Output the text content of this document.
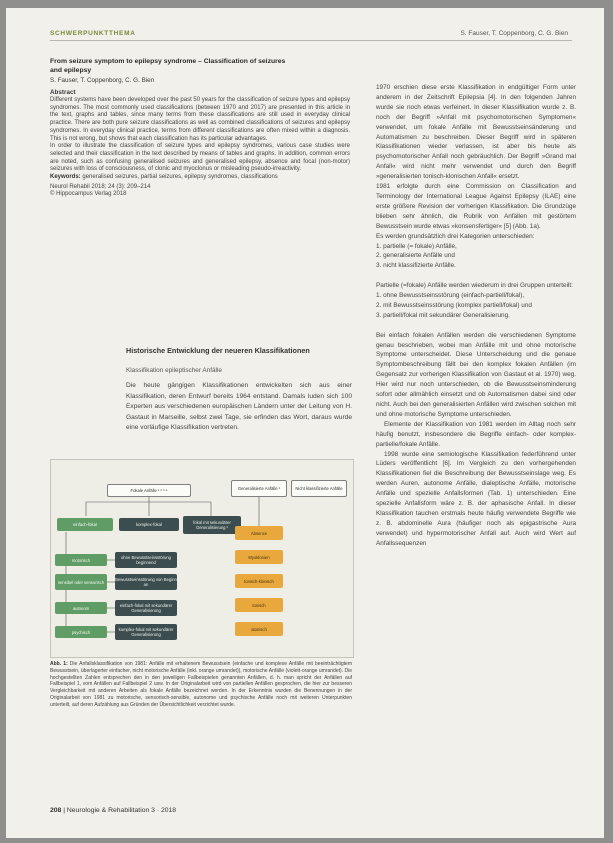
SCHWERPUNKTTHEMA	S. Fauser, T. Coppenborg, C. G. Bien
From seizure symptom to epilepsy syndrome – Classification of seizures
and epilepsy
S. Fauser, T. Coppenborg, C. G. Bien
Abstract
Different systems have been developed over the past 50 years for the classification of seizure types and epilepsy syndromes. The most commonly used classifications (between 1970 and 2017) are presented in this article in the text, graphs and tables, since many terms from these classifications are still used in everyday clinical practice. There are both pure seizure classifications as well as combined classifications of seizures and epilepsy syndromes. In everyday clinical practice, terms from different classifications are often mixed within a diagnosis. This is not wrong, but shows that each classification has its particular advantages.
In order to illustrate the classification of seizure types and epilepsy syndromes, various case studies were selected and their classification in the text described by means of tables and graphs. In addition, common errors are noted, such as confusing generalised seizures and generalised epilepsy, absence and focal (non-motor) seizures with loss of consciousness, of clonic and myoclonus or misleading pseudo-irreactivity.
Keywords: generalised seizures, partial seizures, epilepsy syndromes, classifications
Neurol Rehabil 2018; 24 (3): 209–214
© Hippocampus Verlag 2018
Historische Entwicklung der neueren Klassifikationen
Klassifikation epileptischer Anfälle

Die heute gängigen Klassifikationen entwickelten sich aus einer Klassifikation, deren Entwurf bereits 1964 entstand. Damals luden sich 100 Experten aus verschiedenen europäischen Ländern unter der Leitung von H. Gastaut in Marseille, selbst zwei Tage, sie erfinden das Wort, daraus wurde eine vorläufige Klassifikation vertreten.

Fokale Anfälle ¹ ² ³ ⁴	Generalisierte Anfälle ¹	Nicht klassifizierte Anfälle
einfach-fokal	komplex-fokal	fokal mit sekundärer Generalisierung ²
motorisch
sensibel oder sensorisch
autonom
psychisch
ohne Bewusstseinsstörung beginnend
Bewusstseinsstörung von Beginn an
einfach-fokal mit sekundärer Generalisierung
komplex-fokal mit sekundärer Generalisierung
Absence
Myoklonien
tonisch-klonisch
tonisch
atonisch
Abb. 1: Die Anfallsklassifikation von 1981: Anfälle mit erhaltenem Bewusstsein (einfache und komplexe Anfälle mit beeinträchtigtem Bewusstsein, überlagerter einfacher, nicht motorische Anfälle (inkl. orange umrandet)), motorische Anfälle (violett-orange umrandet). Die hochgestellten Zahlen entsprechen den in den jeweiligen Fallbeispielen genannten Anfällen, d. h. man spricht der Anfällen auf Fallbeispiel 1, vom Anfällen auf Fallbeispiel 2 usw. In der Originalarbeit wird von partiellen Anfällen gesprochen, die hier zur besseren Vergleichbarkeit mit anderen Arbeiten als fokale Anfälle bezeichnet werden. In der Erkenntnis wurden die Benennungen in der Originalarbeit von 1981 zu motorische, sensorisch-sensible, autonome und psychische Anfälle noch mit weiteren Unterpunkten unterteilt, auf deren Aufzählung aus Gründen der Übersichtlichkeit verzichtet wurde.
208 | Neurologie & Rehabilitation 3 · 2018

1970 erschien diese erste Klassifikation in endgültiger Form unter anderem in der Zeitschrift Epilepsia [4]. In den folgenden Jahren wurde sie noch etwas verfeinert. In dieser Klassifikation wurde z. B. noch der Begriff »Anfall mit psychomotorischen Symptomen« verwendet, um fokale Anfälle mit Bewusstseinsänderung und Automatismen zu beschreiben. Dieser Begriff wird in späteren Klassifikationen wieder verlassen, ist aber bis heute als psychomotorischer Anfall noch gebräuchlich. Der Begriff »Grand mal Anfall« wird nicht mehr verwendet und durch den Begriff »generalisierten tonisch-klonischen Anfall« ersetzt.

1981 erfolgte durch eine Commission on Classification and Terminology der International League Against Epilepsy (ILAE) eine erste größere Revision der vorherigen Klassifikation. Die Grundzüge blieben sehr ähnlich, die Rubrik von Anfällen mit gestörtem Bewusstsein wurde etwas »konsensfertiger« [5] (Abb. 1a).

Es werden grundsätzlich drei Kategorien unterschieden:

1. partielle (= fokale) Anfälle,
2. generalisierte Anfälle und
3. nicht klassifizierte Anfälle.

Partielle (=fokale) Anfälle werden wiederum in drei Gruppen unterteilt:

1. ohne Bewusstseinsstörung (einfach-partiell/fokal),
2. mit Bewusstseinsstörung (komplex partiell/fokal) und
3. partiell/fokal mit sekundärer Generalisierung.

Bei einfach fokalen Anfällen werden die verschiedenen Symptome genau beschrieben, wobei man Anfälle mit und ohne motorische Symptome unterscheidet. Diese Unterscheidung und die genaue Symptombeschreibung fällt bei den komplex fokalen Anfällen (im Gegensatz zur vorherigen Klassifikation von Gastaut et al. 1970) weg. Hier wird nur noch unterschieden, ob die Bewusstseinsminderung sofort oder allmählich einsetzt und ob Automatismen dabei sind oder nicht. Auch bei den generalisierten Anfällen wird zwischen solchen mit und ohne motorische Symptome unterschieden.

Elemente der Klassifikation von 1981 werden im Alltag noch sehr häufig benutzt, insbesondere die Begriffe einfach- oder komplex-partielle/fokale Anfälle.

1998 wurde eine semiologische Klassifikation federführend unter Lüders veröffentlicht [6]. Im Vergleich zu den vorhergehenden Klassifikationen fiel die Beschreibung der Bewusstseinslage weg. Es werden Auren, autonome Anfälle, dialeptische Anfälle, motorische Anfälle und spezielle Anfallsformen (Tab. 1) unterschieden. Eine spezielle Anfallsform wäre z. B. der aphasische Anfall. In dieser Klassifikation tauchen erstmals heute häufig verwendete Begriffe wie z. B. abdominelle Aura (häufiger noch als epigastrische Aura verwendet) und hypermotorischer Anfall auf. Auch wird Wert auf Anfallssequenzen
